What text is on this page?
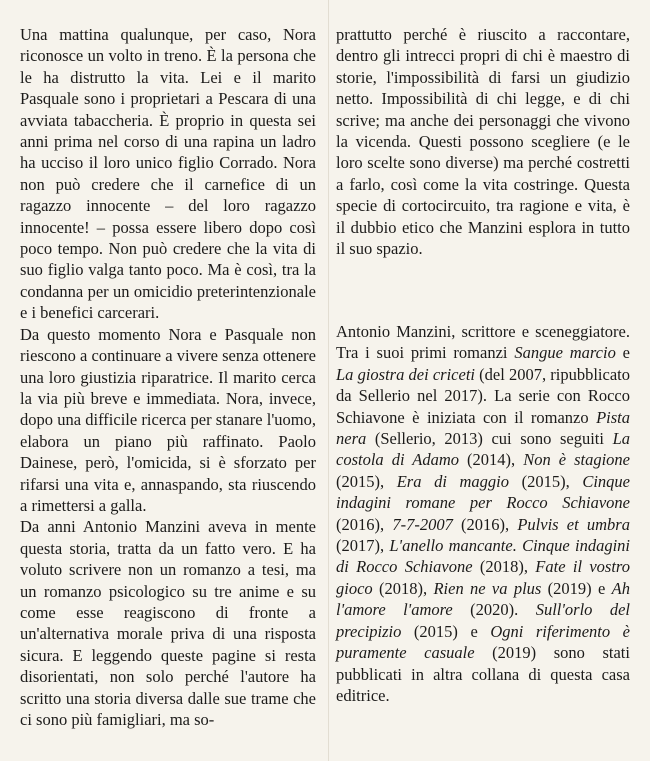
Una mattina qualunque, per caso, Nora riconosce un volto in treno. È la persona che le ha distrutto la vita. Lei e il marito Pasquale sono i proprietari a Pescara di una avviata tabaccheria. È proprio in questa sei anni prima nel corso di una rapina un ladro ha ucciso il loro unico figlio Corrado. Nora non può credere che il carnefice di un ragazzo innocente – del loro ragazzo innocente! – possa essere libero dopo così poco tempo. Non può credere che la vita di suo figlio valga tanto poco. Ma è così, tra la condanna per un omicidio preterintenzionale e i benefici carcerari.

Da questo momento Nora e Pasquale non riescono a continuare a vivere senza ottenere una loro giustizia riparatrice. Il marito cerca la via più breve e immediata. Nora, invece, dopo una difficile ricerca per stanare l'uomo, elabora un piano più raffinato. Paolo Dainese, però, l'omicida, si è sforzato per rifarsi una vita e, annaspando, sta riuscendo a rimettersi a galla.

Da anni Antonio Manzini aveva in mente questa storia, tratta da un fatto vero. E ha voluto scrivere non un romanzo a tesi, ma un romanzo psicologico su tre anime e su come esse reagiscono di fronte a un'alternativa morale priva di una risposta sicura. E leggendo queste pagine si resta disorientati, non solo perché l'autore ha scritto una storia diversa dalle sue trame che ci sono più famigliari, ma so-

prattutto perché è riuscito a raccontare, dentro gli intrecci propri di chi è maestro di storie, l'impossibilità di farsi un giudizio netto. Impossibilità di chi legge, e di chi scrive; ma anche dei personaggi che vivono la vicenda. Questi possono scegliere (e le loro scelte sono diverse) ma perché costretti a farlo, così come la vita costringe. Questa specie di cortocircuito, tra ragione e vita, è il dubbio etico che Manzini esplora in tutto il suo spazio.

Antonio Manzini, scrittore e sceneggiatore. Tra i suoi primi romanzi Sangue marcio e La giostra dei criceti (del 2007, ripubblicato da Sellerio nel 2017). La serie con Rocco Schiavone è iniziata con il romanzo Pista nera (Sellerio, 2013) cui sono seguiti La costola di Adamo (2014), Non è stagione (2015), Era di maggio (2015), Cinque indagini romane per Rocco Schiavone (2016), 7-7-2007 (2016), Pulvis et umbra (2017), L'anello mancante. Cinque indagini di Rocco Schiavone (2018), Fate il vostro gioco (2018), Rien ne va plus (2019) e Ah l'amore l'amore (2020). Sull'orlo del precipizio (2015) e Ogni riferimento è puramente casuale (2019) sono stati pubblicati in altra collana di questa casa editrice.
